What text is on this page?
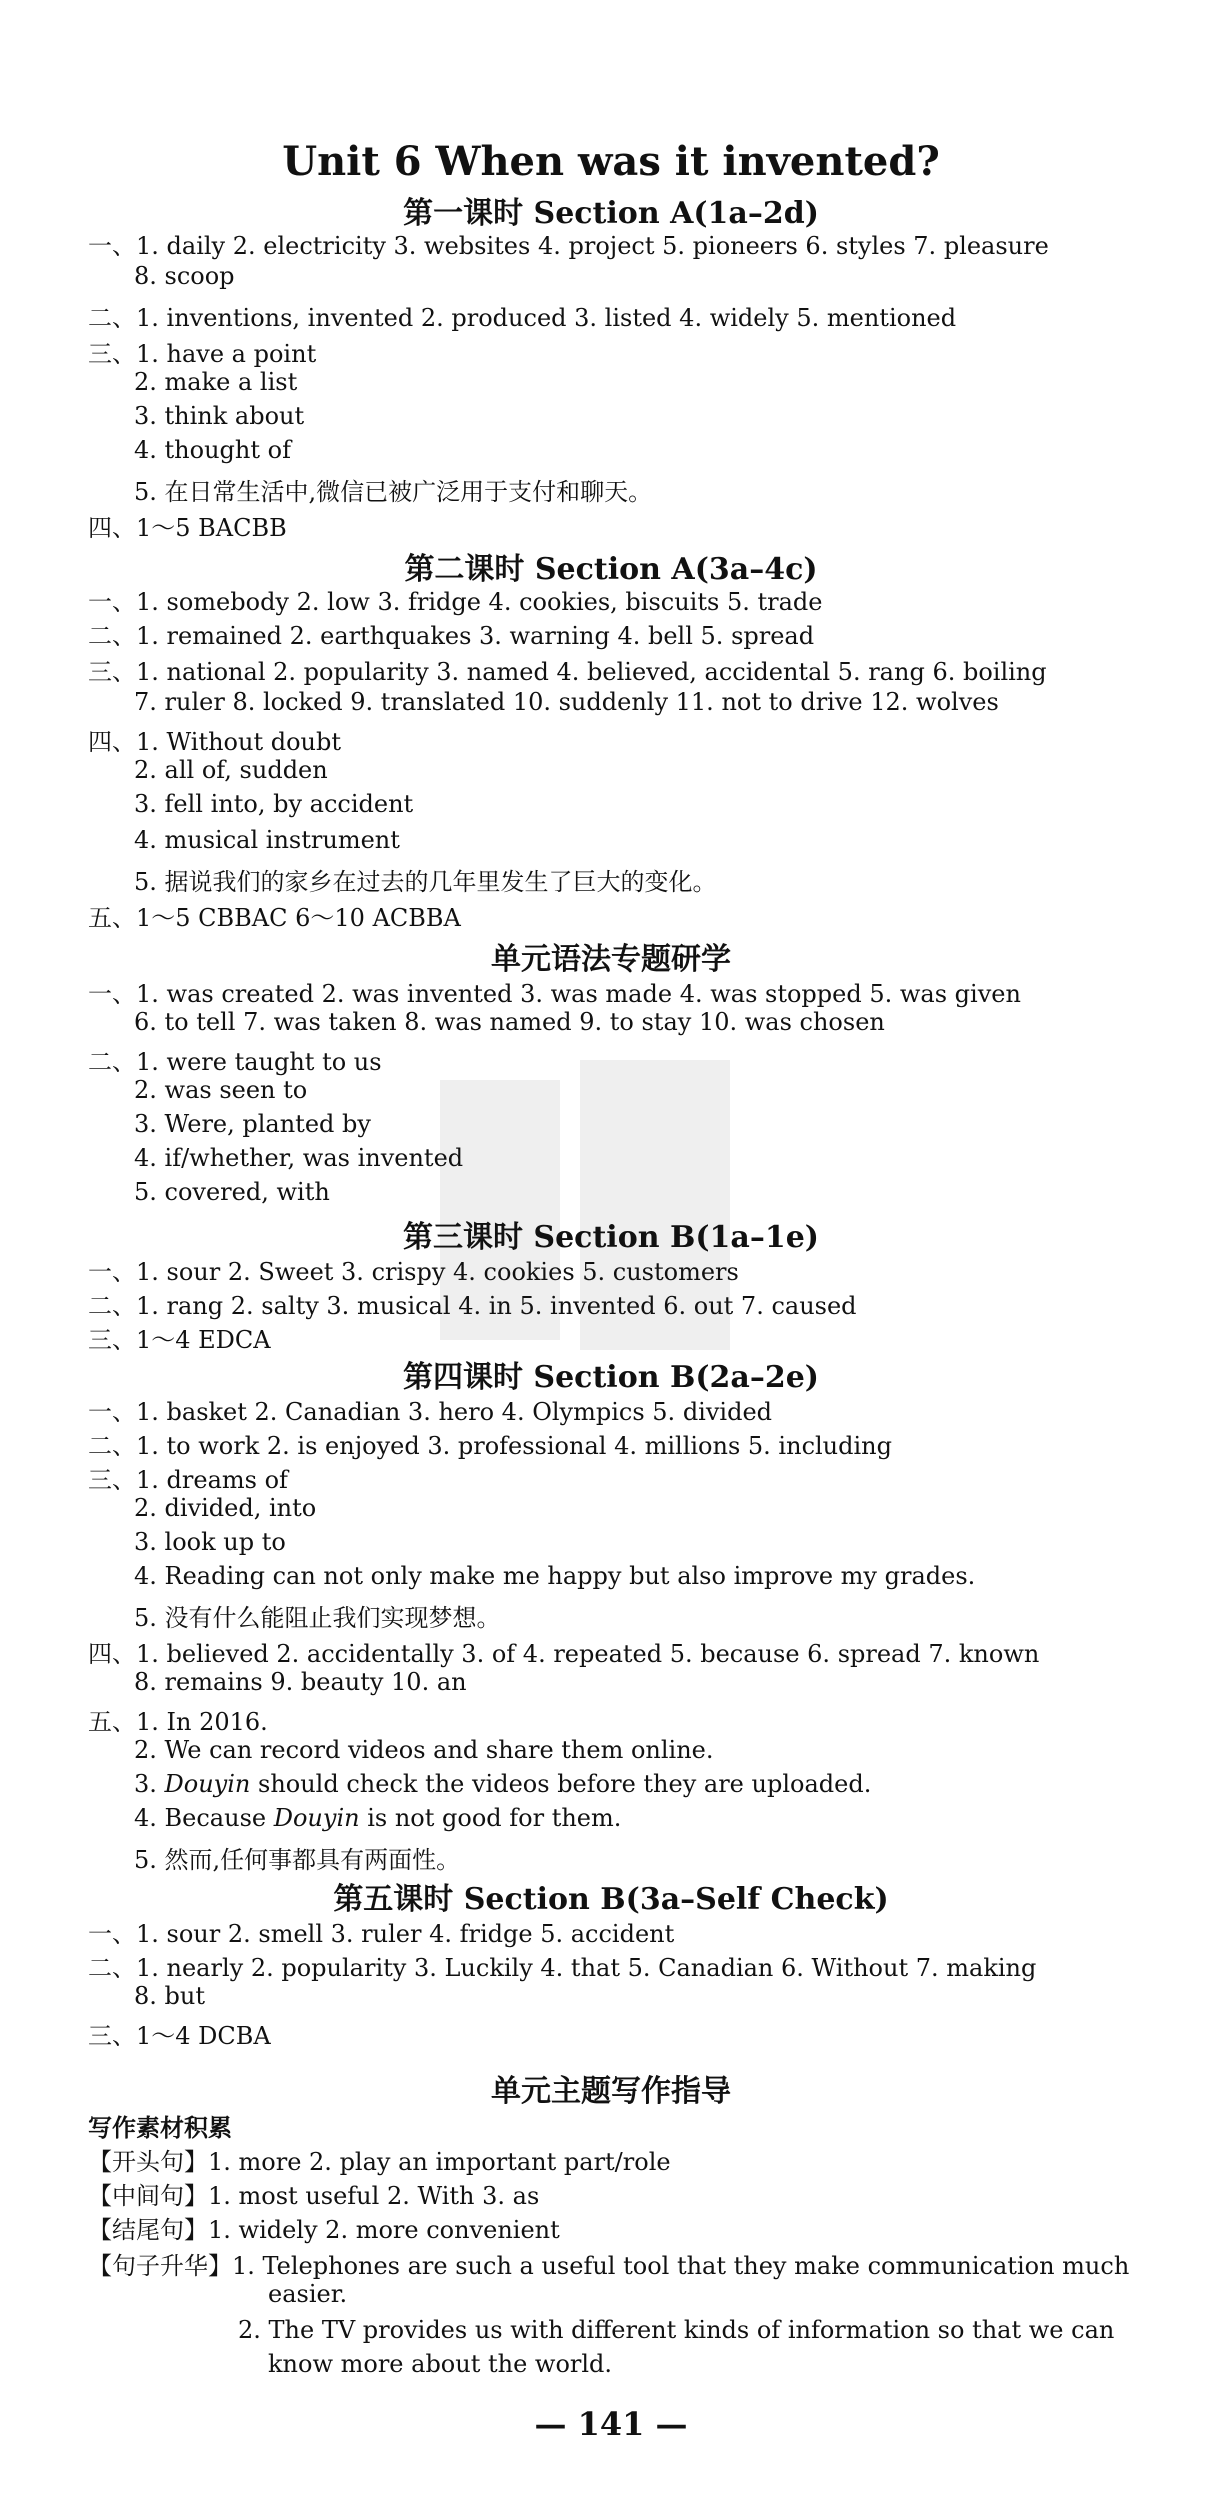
Unit 6 When was it invented?
第一课时 Section A(1a–2d)
一、1. daily 2. electricity 3. websites 4. project 5. pioneers 6. styles 7. pleasure
8. scoop
二、1. inventions, invented 2. produced 3. listed 4. widely 5. mentioned
三、1. have a point
2. make a list
3. think about
4. thought of
5. 在日常生活中,微信已被广泛用于支付和聊天。
四、1～5 BACBB
第二课时 Section A(3a–4c)
一、1. somebody 2. low 3. fridge 4. cookies, biscuits 5. trade
二、1. remained 2. earthquakes 3. warning 4. bell 5. spread
三、1. national 2. popularity 3. named 4. believed, accidental 5. rang 6. boiling
7. ruler 8. locked 9. translated 10. suddenly 11. not to drive 12. wolves
四、1. Without doubt
2. all of, sudden
3. fell into, by accident
4. musical instrument
5. 据说我们的家乡在过去的几年里发生了巨大的变化。
五、1～5 CBBAC 6～10 ACBBA
单元语法专题研学
一、1. was created 2. was invented 3. was made 4. was stopped 5. was given
6. to tell 7. was taken 8. was named 9. to stay 10. was chosen
二、1. were taught to us
2. was seen to
3. Were, planted by
4. if/whether, was invented
5. covered, with
第三课时 Section B(1a–1e)
一、1. sour 2. Sweet 3. crispy 4. cookies 5. customers
二、1. rang 2. salty 3. musical 4. in 5. invented 6. out 7. caused
三、1～4 EDCA
第四课时 Section B(2a–2e)
一、1. basket 2. Canadian 3. hero 4. Olympics 5. divided
二、1. to work 2. is enjoyed 3. professional 4. millions 5. including
三、1. dreams of
2. divided, into
3. look up to
4. Reading can not only make me happy but also improve my grades.
5. 没有什么能阻止我们实现梦想。
四、1. believed 2. accidentally 3. of 4. repeated 5. because 6. spread 7. known
8. remains 9. beauty 10. an
五、1. In 2016.
2. We can record videos and share them online.
3. Douyin should check the videos before they are uploaded.
4. Because Douyin is not good for them.
5. 然而,任何事都具有两面性。
第五课时 Section B(3a–Self Check)
一、1. sour 2. smell 3. ruler 4. fridge 5. accident
二、1. nearly 2. popularity 3. Luckily 4. that 5. Canadian 6. Without 7. making
8. but
三、1～4 DCBA
单元主题写作指导
写作素材积累
【开头句】1. more 2. play an important part/role
【中间句】1. most useful 2. With 3. as
【结尾句】1. widely 2. more convenient
【句子升华】1. Telephones are such a useful tool that they make communication much
easier.
2. The TV provides us with different kinds of information so that we can
know more about the world.
— 141 —
